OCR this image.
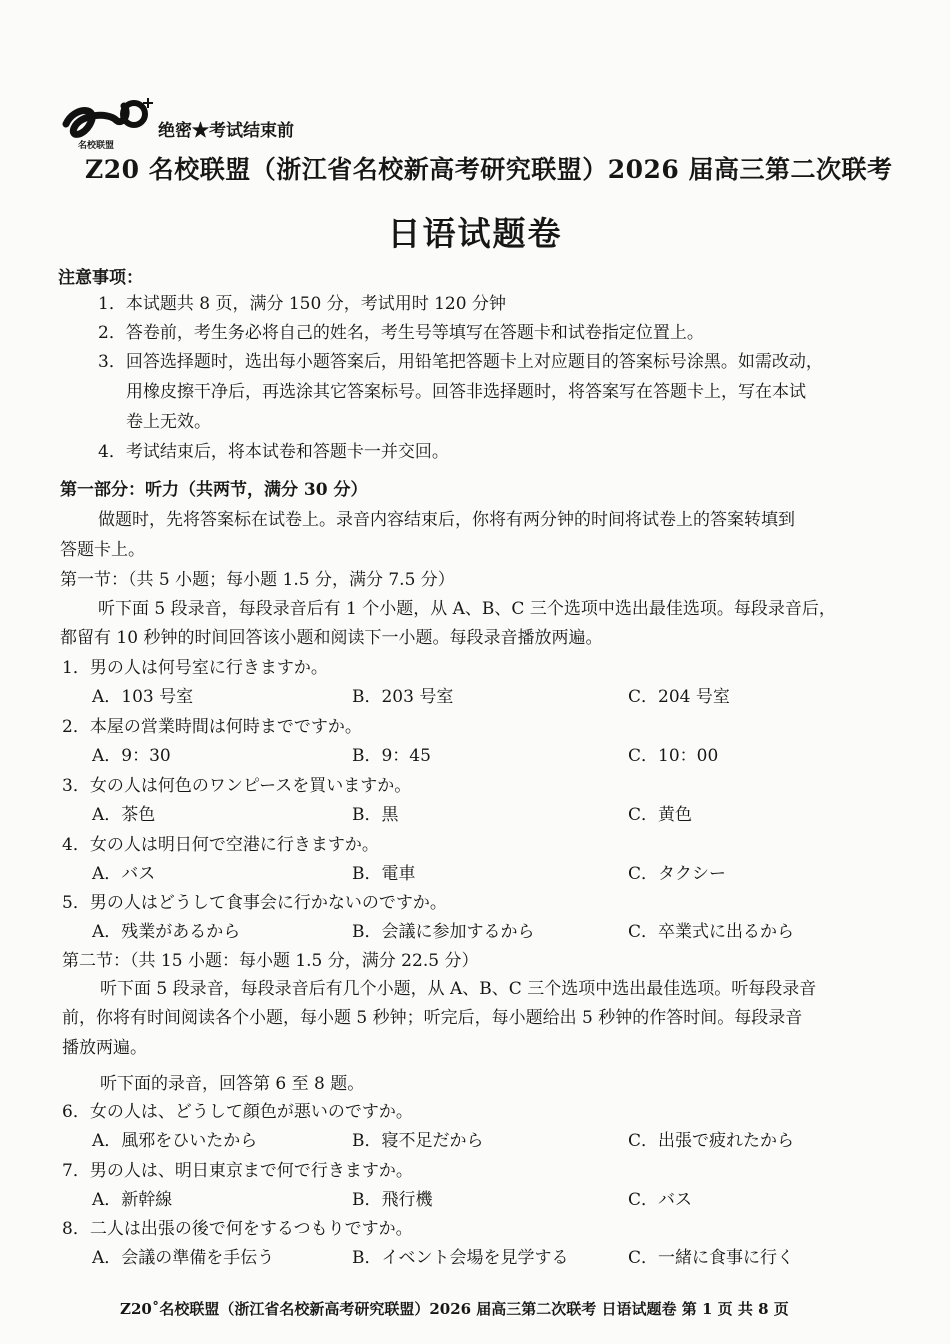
名校联盟
绝密★考试结束前
Z20 名校联盟（浙江省名校新高考研究联盟）2026 届高三第二次联考
日语试题卷
注意事项：
1．本试题共 8 页，满分 150 分，考试用时 120 分钟
2．答卷前，考生务必将自己的姓名，考生号等填写在答题卡和试卷指定位置上。
3．回答选择题时，选出每小题答案后，用铅笔把答题卡上对应题目的答案标号涂黑。如需改动，
用橡皮擦干净后，再选涂其它答案标号。回答非选择题时，将答案写在答题卡上，写在本试
卷上无效。
4．考试结束后，将本试卷和答题卡一并交回。
第一部分：听力（共两节，满分 30 分）
做题时，先将答案标在试卷上。录音内容结束后，你将有两分钟的时间将试卷上的答案转填到
答题卡上。
第一节：（共 5 小题；每小题 1.5 分，满分 7.5 分）
听下面 5 段录音，每段录音后有 1 个小题，从 A、B、C 三个选项中选出最佳选项。每段录音后，
都留有 10 秒钟的时间回答该小题和阅读下一小题。每段录音播放两遍。
1．男の人は何号室に行きますか。
A．103 号室	B．203 号室	C．204 号室
2．本屋の営業時間は何時までですか。
A．9：30	B．9：45	C．10：00
3．女の人は何色のワンピースを買いますか。
A．茶色	B．黒	C．黄色
4．女の人は明日何で空港に行きますか。
A．バス	B．電車	C．タクシー
5．男の人はどうして食事会に行かないのですか。
A．残業があるから	B．会議に参加するから	C．卒業式に出るから
第二节：（共 15 小题：每小题 1.5 分，满分 22.5 分）
听下面 5 段录音，每段录音后有几个小题，从 A、B、C 三个选项中选出最佳选项。听每段录音
前，你将有时间阅读各个小题，每小题 5 秒钟；听完后，每小题给出 5 秒钟的作答时间。每段录音
播放两遍。
听下面的录音，回答第 6 至 8 题。
6．女の人は、どうして顔色が悪いのですか。
A．風邪をひいたから	B．寝不足だから	C．出張で疲れたから
7．男の人は、明日東京まで何で行きますか。
A．新幹線	B．飛行機	C．バス
8．二人は出張の後で何をするつもりですか。
A．会議の準備を手伝う	B．イベント会場を見学する	C．一緒に食事に行く
Z20˚名校联盟（浙江省名校新高考研究联盟）2026 届高三第二次联考 日语试题卷 第 1 页 共 8 页
